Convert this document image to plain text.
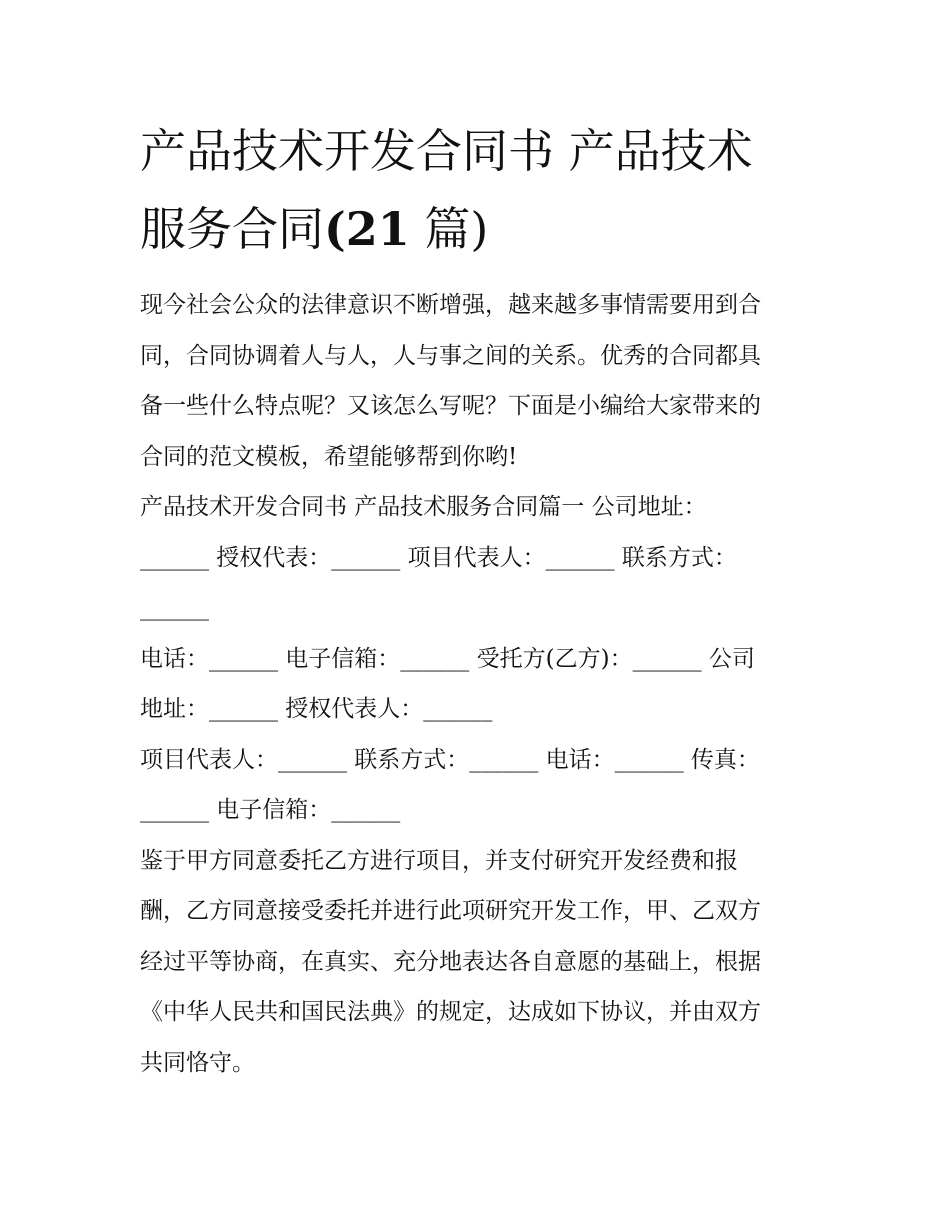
产品技术开发合同书 产品技术
服务合同(21 篇)

现今社会公众的法律意识不断增强，越来越多事情需要用到合
同，合同协调着人与人，人与事之间的关系。优秀的合同都具
备一些什么特点呢？又该怎么写呢？下面是小编给大家带来的
合同的范文模板，希望能够帮到你哟!

产品技术开发合同书 产品技术服务合同篇一 公司地址：
______ 授权代表：______ 项目代表人：______ 联系方式：
______

电话：______ 电子信箱：______ 受托方(乙方)：______ 公司
地址：______ 授权代表人：______

项目代表人：______ 联系方式：______ 电话：______ 传真：
______ 电子信箱：______

鉴于甲方同意委托乙方进行项目，并支付研究开发经费和报
酬，乙方同意接受委托并进行此项研究开发工作，甲、乙双方
经过平等协商，在真实、充分地表达各自意愿的基础上，根据
《中华人民共和国民法典》的规定，达成如下协议，并由双方
共同恪守。
